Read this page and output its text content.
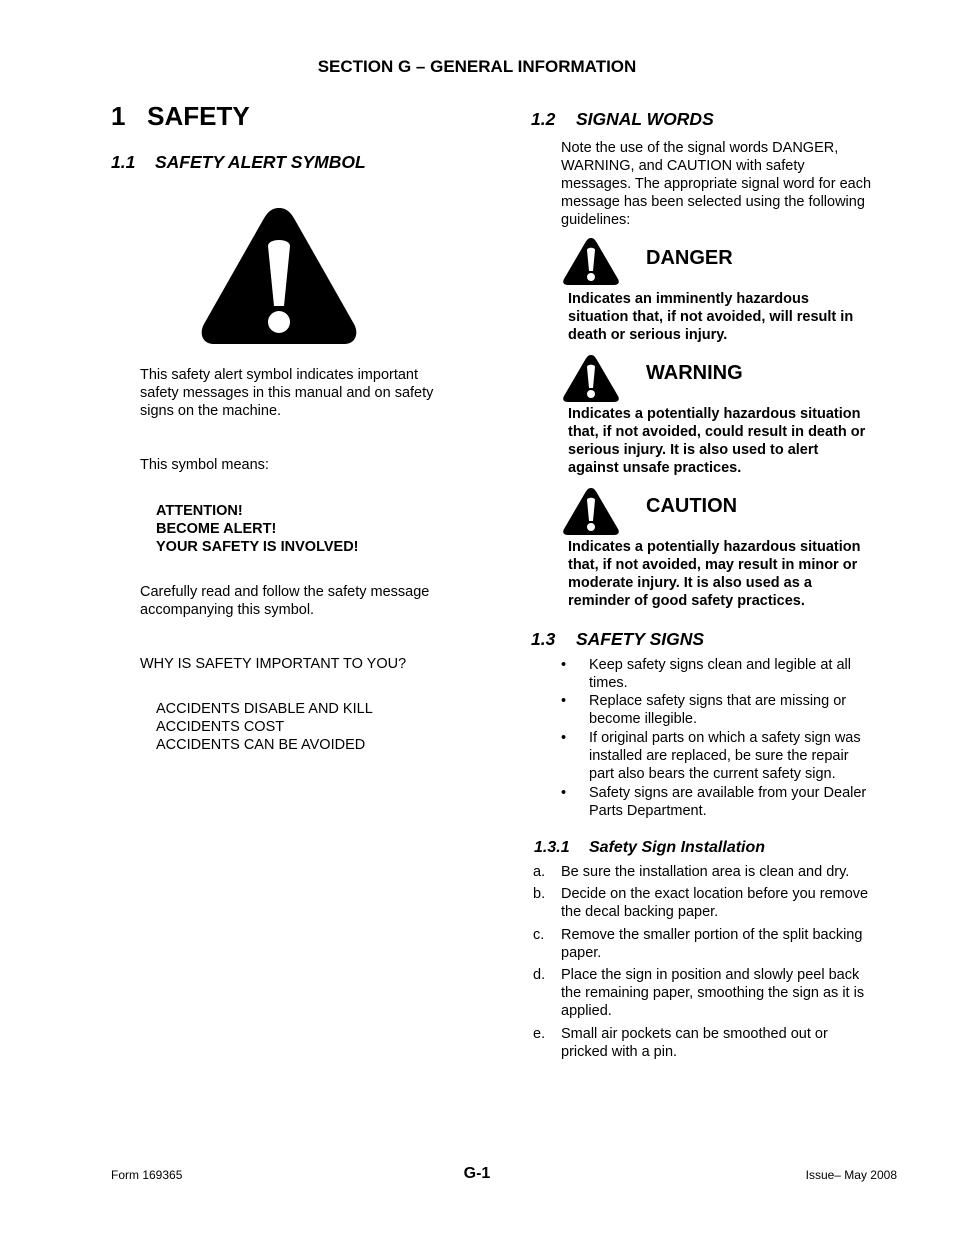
SECTION G – GENERAL INFORMATION
1   SAFETY
1.1 SAFETY ALERT SYMBOL
This safety alert symbol indicates important
safety messages in this manual and on safety
signs on the machine.
This symbol means:
ATTENTION!
BECOME ALERT!
YOUR SAFETY IS INVOLVED!
Carefully read and follow the safety message
accompanying this symbol.
WHY IS SAFETY IMPORTANT TO YOU?
ACCIDENTS DISABLE AND KILL
ACCIDENTS COST
ACCIDENTS CAN BE AVOIDED
1.2 SIGNAL WORDS
Note the use of the signal words DANGER,
WARNING, and CAUTION with safety
messages. The appropriate signal word for each
message has been selected using the following
guidelines:
DANGER
Indicates an imminently hazardous
situation that, if not avoided, will result in
death or serious injury.
WARNING
Indicates a potentially hazardous situation
that, if not avoided, could result in death or
serious injury. It is also used to alert
against unsafe practices.
CAUTION
Indicates a potentially hazardous situation
that, if not avoided, may result in minor or
moderate injury. It is also used as a
reminder of good safety practices.
1.3 SAFETY SIGNS
• Keep safety signs clean and legible at all
times.
• Replace safety signs that are missing or
become illegible.
• If original parts on which a safety sign was
installed are replaced, be sure the repair
part also bears the current safety sign.
• Safety signs are available from your Dealer
Parts Department.
1.3.1 Safety Sign Installation
a. Be sure the installation area is clean and dry.
b. Decide on the exact location before you remove
the decal backing paper.
c. Remove the smaller portion of the split backing
paper.
d. Place the sign in position and slowly peel back
the remaining paper, smoothing the sign as it is
applied.
e. Small air pockets can be smoothed out or
pricked with a pin.
Form 169365	G-1	Issue– May 2008
